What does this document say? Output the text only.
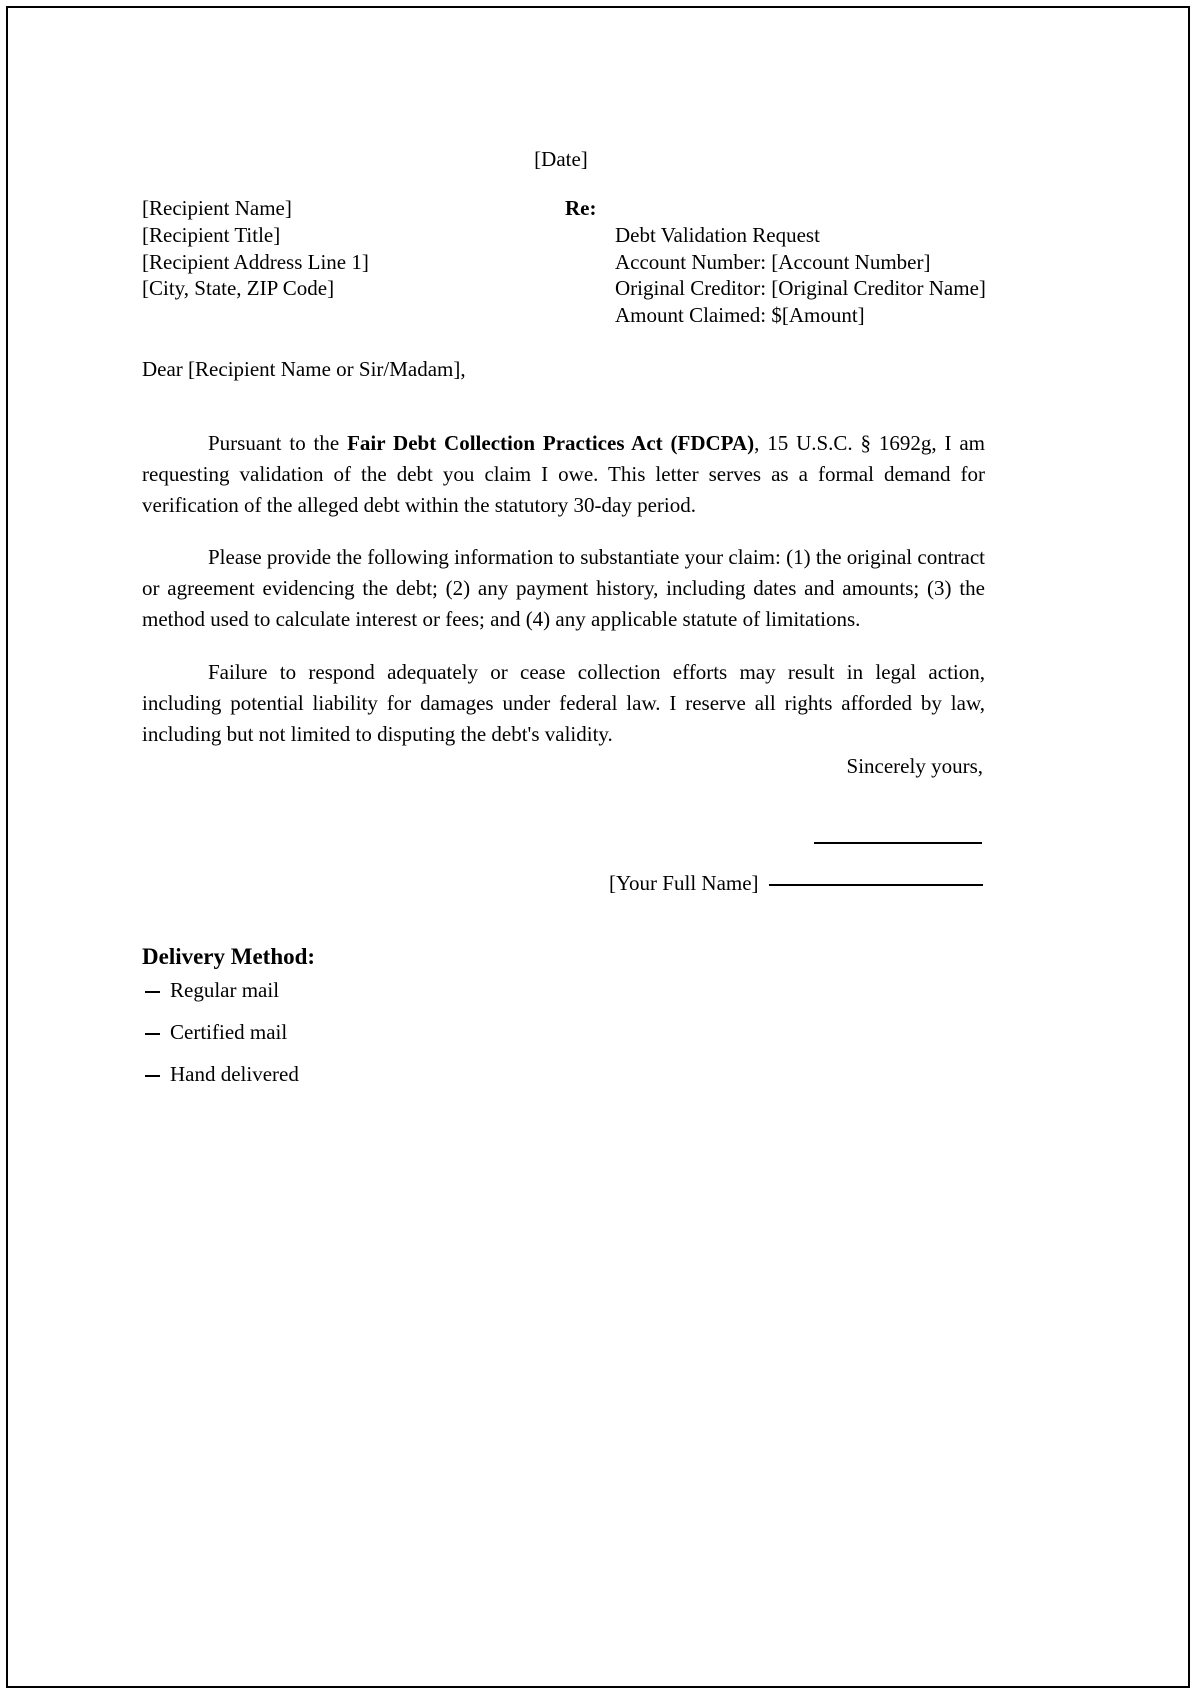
[Date]
[Recipient Name]
[Recipient Title]
[Recipient Address Line 1]
[City, State, ZIP Code]
Re:
Debt Validation Request
Account Number: [Account Number]
Original Creditor: [Original Creditor Name]
Amount Claimed: $[Amount]
Dear [Recipient Name or Sir/Madam],

Pursuant to the Fair Debt Collection Practices Act (FDCPA), 15 U.S.C. § 1692g, I am requesting validation of the debt you claim I owe. This letter serves as a formal demand for verification of the alleged debt within the statutory 30-day period.

Please provide the following information to substantiate your claim: (1) the original contract or agreement evidencing the debt; (2) any payment history, including dates and amounts; (3) the method used to calculate interest or fees; and (4) any applicable statute of limitations.

Failure to respond adequately or cease collection efforts may result in legal action, including potential liability for damages under federal law. I reserve all rights afforded by law, including but not limited to disputing the debt's validity.

Sincerely yours,
[Your Full Name]
Delivery Method:
Regular mail
Certified mail
Hand delivered
